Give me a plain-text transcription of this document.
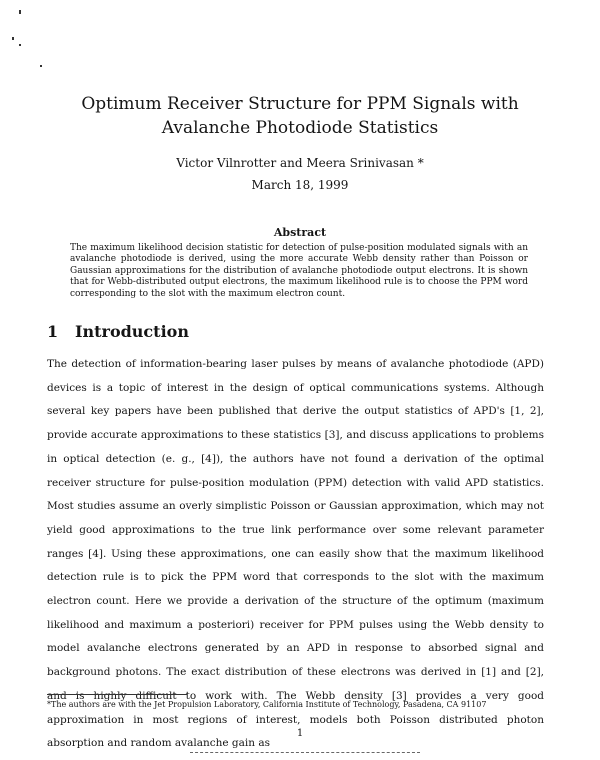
Optimum Receiver Structure for PPM Signals with Avalanche Photodiode Statistics
Victor Vilnrotter and Meera Srinivasan *
March 18, 1999
Abstract
The maximum likelihood decision statistic for detection of pulse-position modulated signals with an avalanche photodiode is derived, using the more accurate Webb density rather than Poisson or Gaussian approximations for the distribution of avalanche photodiode output electrons. It is shown that for Webb-distributed output electrons, the maximum likelihood rule is to choose the PPM word corresponding to the slot with the maximum electron count.
1 Introduction
The detection of information-bearing laser pulses by means of avalanche photodiode (APD) devices is a topic of interest in the design of optical communications systems. Although several key papers have been published that derive the output statistics of APD's [1, 2], provide accurate approximations to these statistics [3], and discuss applications to problems in optical detection (e. g., [4]), the authors have not found a derivation of the optimal receiver structure for pulse-position modulation (PPM) detection with valid APD statistics. Most studies assume an overly simplistic Poisson or Gaussian approximation, which may not yield good approximations to the true link performance over some relevant parameter ranges [4]. Using these approximations, one can easily show that the maximum likelihood detection rule is to pick the PPM word that corresponds to the slot with the maximum electron count. Here we provide a derivation of the structure of the optimum (maximum likelihood and maximum a posteriori) receiver for PPM pulses using the Webb density to model avalanche electrons generated by an APD in response to absorbed signal and background photons. The exact distribution of these electrons was derived in [1] and [2], and is highly difficult to work with. The Webb density [3] provides a very good approximation in most regions of interest, models both Poisson distributed photon absorption and random avalanche gain as
*The authors are with the Jet Propulsion Laboratory, California Institute of Technology, Pasadena, CA 91107
1
